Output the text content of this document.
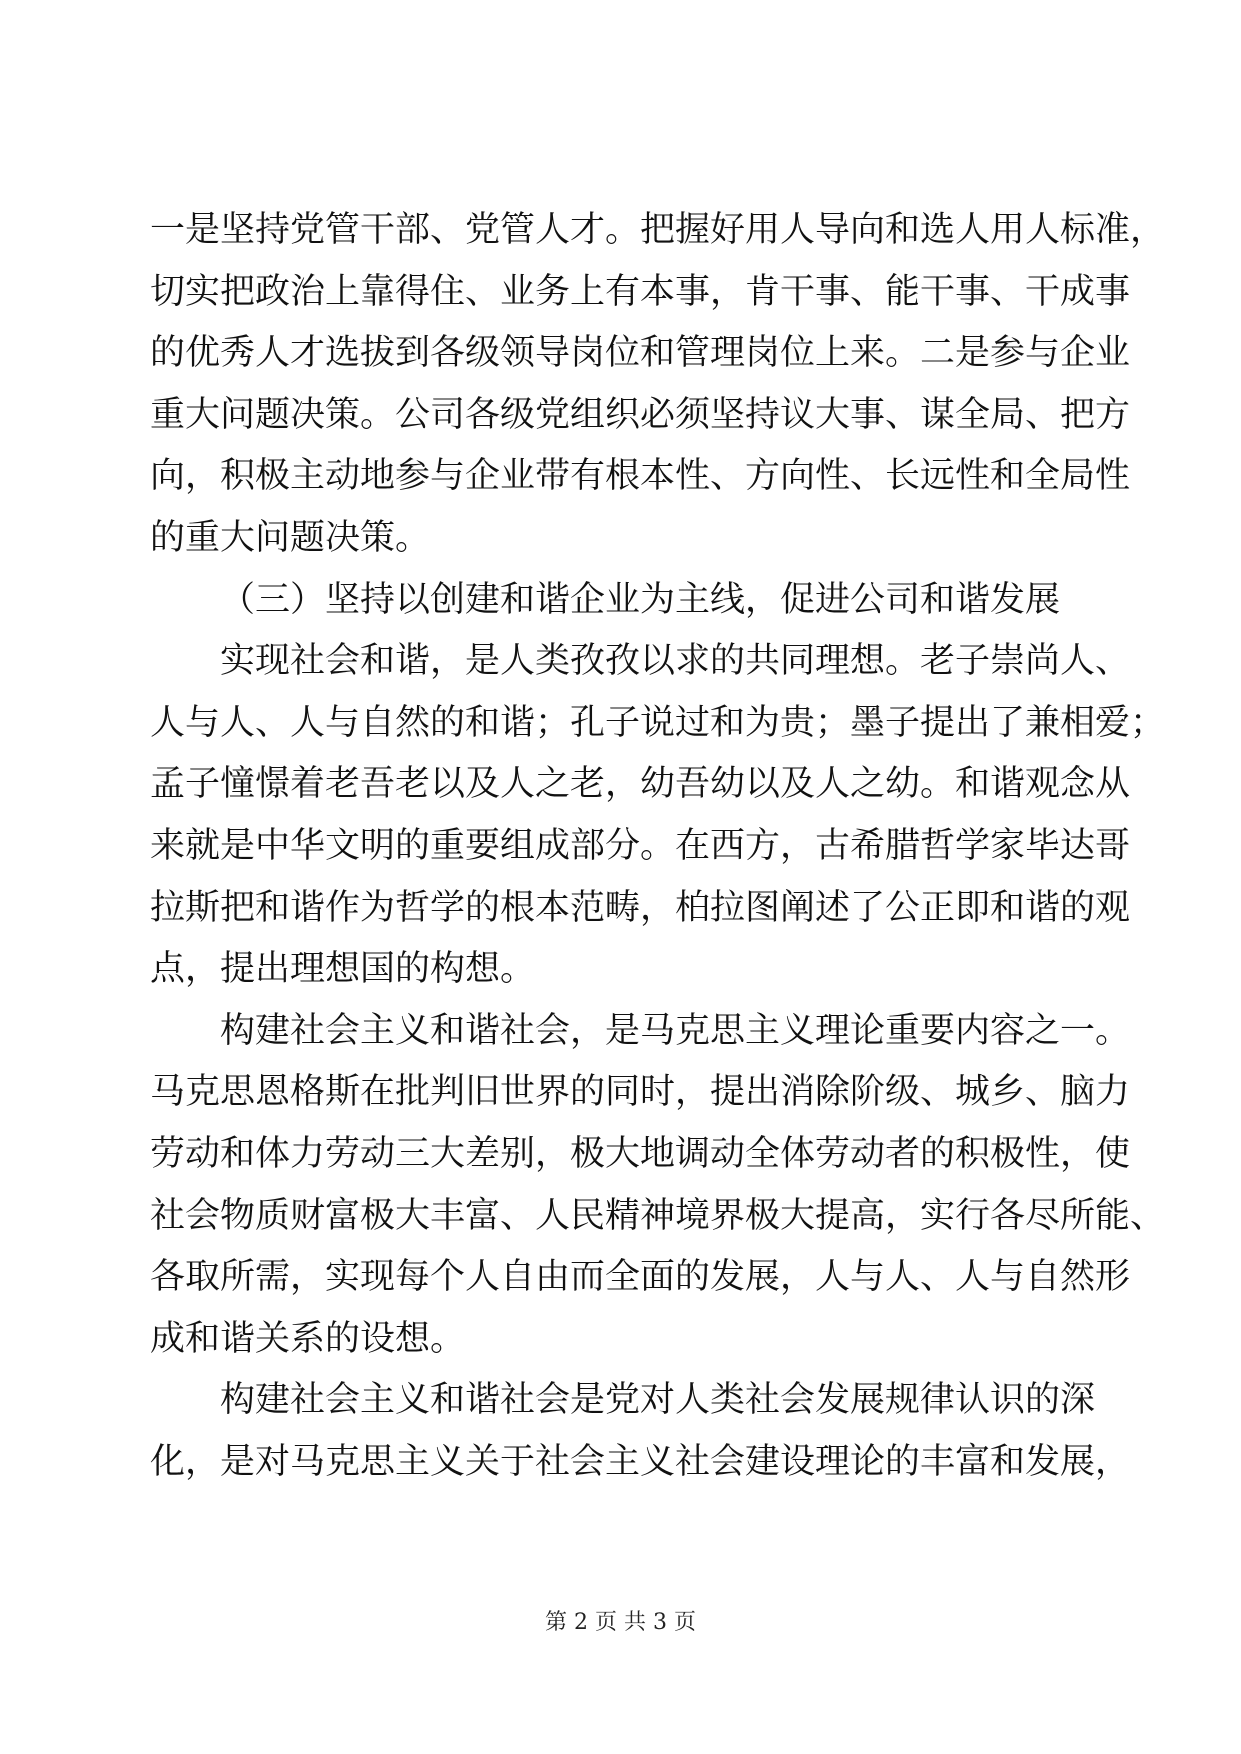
一是坚持党管干部、党管人才。把握好用人导向和选人用人标准，
切实把政治上靠得住、业务上有本事，肯干事、能干事、干成事
的优秀人才选拔到各级领导岗位和管理岗位上来。二是参与企业
重大问题决策。公司各级党组织必须坚持议大事、谋全局、把方
向，积极主动地参与企业带有根本性、方向性、长远性和全局性
的重大问题决策。
（三）坚持以创建和谐企业为主线，促进公司和谐发展
实现社会和谐，是人类孜孜以求的共同理想。老子崇尚人、
人与人、人与自然的和谐；孔子说过和为贵；墨子提出了兼相爱；
孟子憧憬着老吾老以及人之老，幼吾幼以及人之幼。和谐观念从
来就是中华文明的重要组成部分。在西方，古希腊哲学家毕达哥
拉斯把和谐作为哲学的根本范畴，柏拉图阐述了公正即和谐的观
点，提出理想国的构想。
构建社会主义和谐社会，是马克思主义理论重要内容之一。
马克思恩格斯在批判旧世界的同时，提出消除阶级、城乡、脑力
劳动和体力劳动三大差别，极大地调动全体劳动者的积极性，使
社会物质财富极大丰富、人民精神境界极大提高，实行各尽所能、
各取所需，实现每个人自由而全面的发展，人与人、人与自然形
成和谐关系的设想。
构建社会主义和谐社会是党对人类社会发展规律认识的深
化，是对马克思主义关于社会主义社会建设理论的丰富和发展，
第 2 页 共 3 页
